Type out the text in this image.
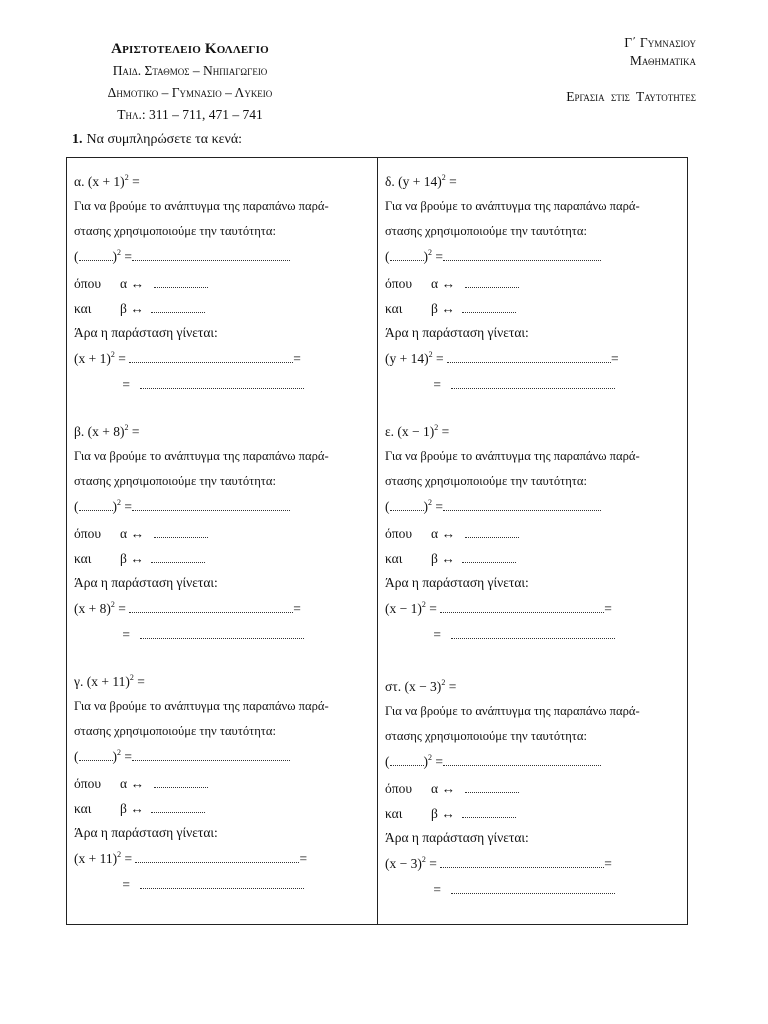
Αριστοτελειο Κολλεγιο
Παιδ. Σταθμος – Νηπιαγωγειο
Δημοτικο – Γυμνασιο – Λυκειο
Τηλ.: 311 – 711, 471 – 741
Γ΄ Γυμνασιου
Μαθηματικα
Εργασια στις Ταυτοτητες
1. Να συμπληρώσετε τα κενά:
α. $(x + 1)^2$ =
Για να βρούμε το ανάπτυγμα της παραπάνω παρά-
στασης χρησιμοποιούμε την ταυτότητα:
(	)$^2$ =
όπου α ↔
και β ↔
Άρα η παράσταση γίνεται:
$(x + 1)^2$ =	=
=
β. $(x + 8)^2$ =
Για να βρούμε το ανάπτυγμα της παραπάνω παρά-
στασης χρησιμοποιούμε την ταυτότητα:
(	)$^2$ =
όπου α ↔
και β ↔
Άρα η παράσταση γίνεται:
$(x + 8)^2$ =	=
=
γ. $(x + 11)^2$ =
Για να βρούμε το ανάπτυγμα της παραπάνω παρά-
στασης χρησιμοποιούμε την ταυτότητα:
(	)$^2$ =
όπου α ↔
και β ↔
Άρα η παράσταση γίνεται:
$(x + 11)^2$ =	=
=
δ. $(y + 14)^2$ =
Για να βρούμε το ανάπτυγμα της παραπάνω παρά-
στασης χρησιμοποιούμε την ταυτότητα:
(	)$^2$ =
όπου α ↔
και β ↔
Άρα η παράσταση γίνεται:
$(y + 14)^2$ =	=
=
ε. $(x - 1)^2$ =
Για να βρούμε το ανάπτυγμα της παραπάνω παρά-
στασης χρησιμοποιούμε την ταυτότητα:
(	)$^2$ =
όπου α ↔
και β ↔
Άρα η παράσταση γίνεται:
$(x - 1)^2$ =	=
=
στ. $(x - 3)^2$ =
Για να βρούμε το ανάπτυγμα της παραπάνω παρά-
στασης χρησιμοποιούμε την ταυτότητα:
(	)$^2$ =
όπου α ↔
και β ↔
Άρα η παράσταση γίνεται:
$(x - 3)^2$ =	=
=
